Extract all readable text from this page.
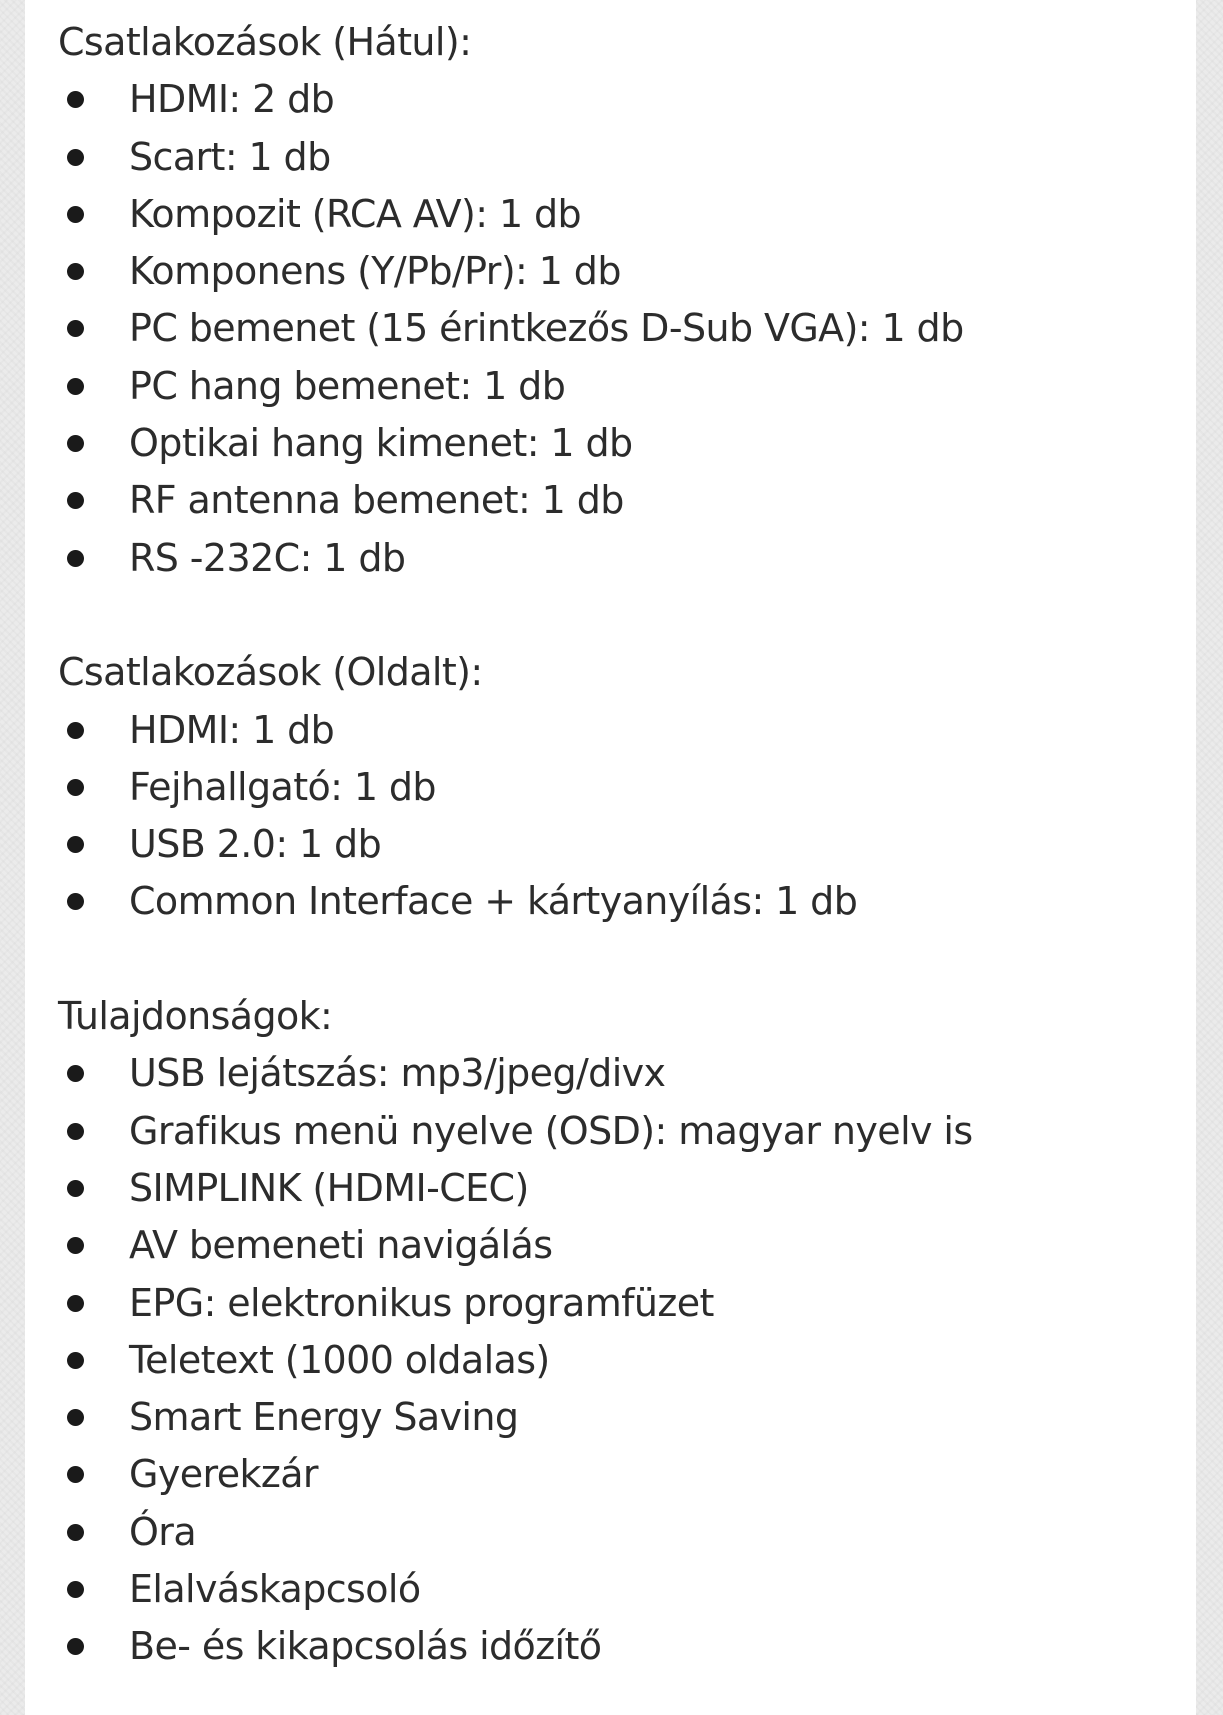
Csatlakozások (Hátul):
HDMI: 2 db
Scart: 1 db
Kompozit (RCA AV): 1 db
Komponens (Y/Pb/Pr): 1 db
PC bemenet (15 érintkezős D-Sub VGA): 1 db
PC hang bemenet: 1 db
Optikai hang kimenet: 1 db
RF antenna bemenet: 1 db
RS -232C: 1 db
Csatlakozások (Oldalt):
HDMI: 1 db
Fejhallgató: 1 db
USB 2.0: 1 db
Common Interface + kártyanyílás: 1 db
Tulajdonságok:
USB lejátszás: mp3/jpeg/divx
Grafikus menü nyelve (OSD): magyar nyelv is
SIMPLINK (HDMI-CEC)
AV bemeneti navigálás
EPG: elektronikus programfüzet
Teletext (1000 oldalas)
Smart Energy Saving
Gyerekzár
Óra
Elalváskapcsoló
Be- és kikapcsolás időzítő
